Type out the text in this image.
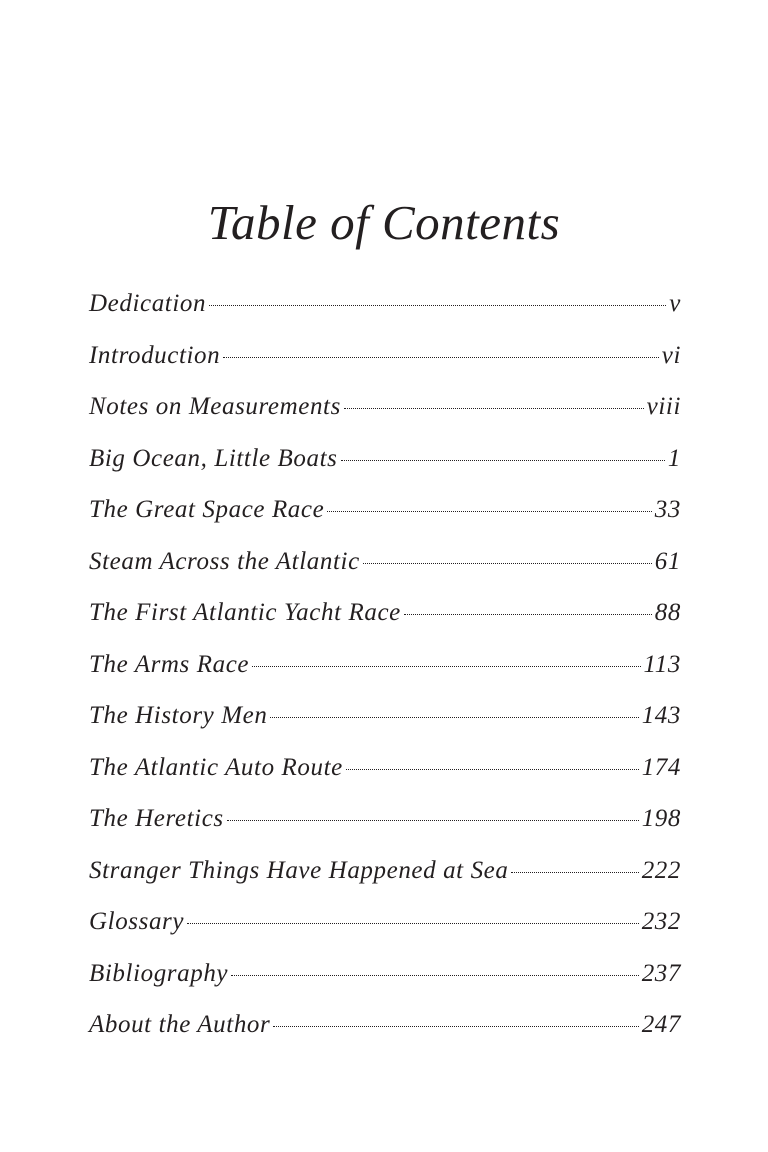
Table of Contents
Dedication	v
Introduction	vi
Notes on Measurements	viii
Big Ocean, Little Boats	1
The Great Space Race	33
Steam Across the Atlantic	61
The First Atlantic Yacht Race	88
The Arms Race	113
The History Men	143
The Atlantic Auto Route	174
The Heretics	198
Stranger Things Have Happened at Sea	222
Glossary	232
Bibliography	237
About the Author	247
